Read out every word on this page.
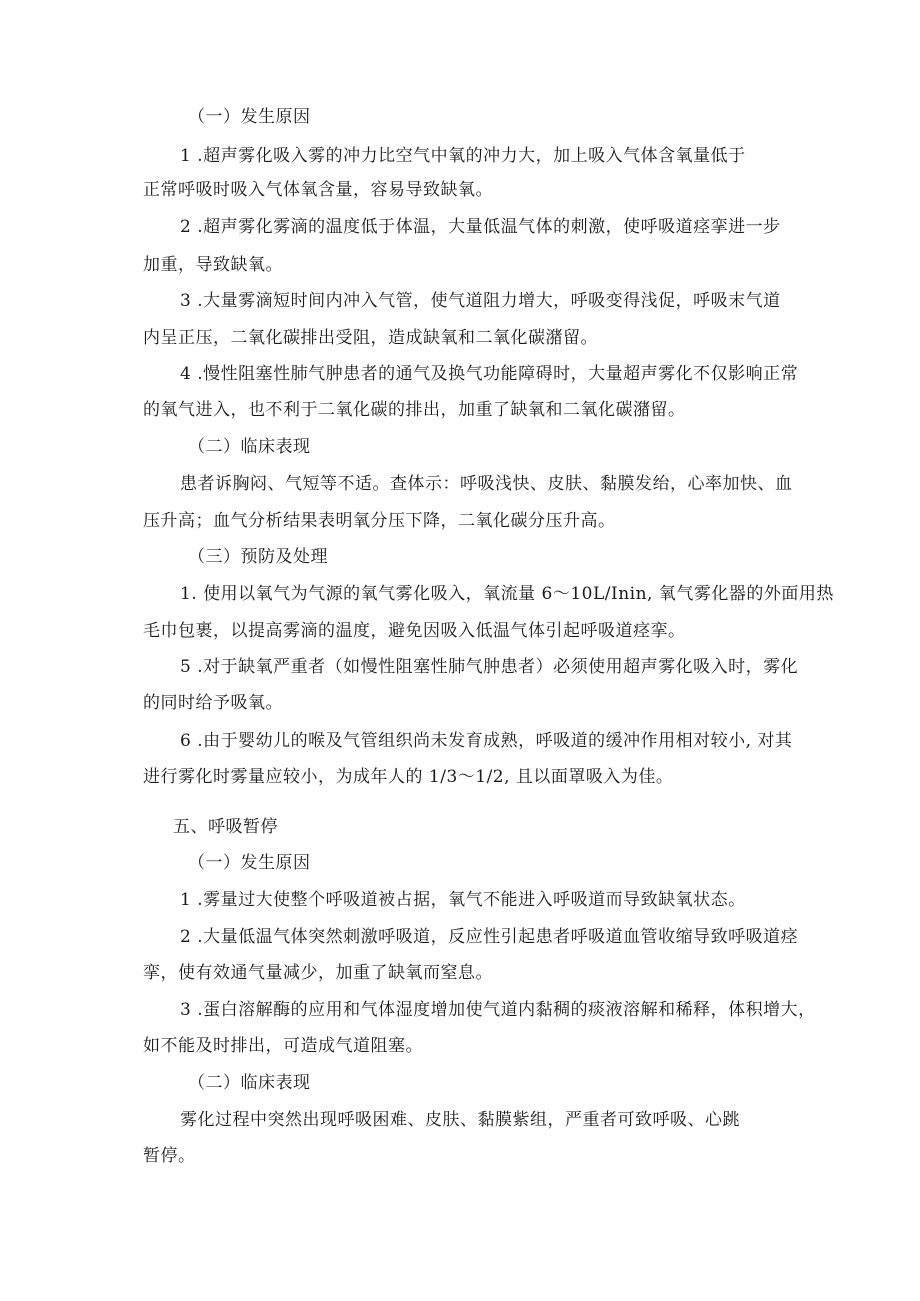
（一）发生原因
1 .超声雾化吸入雾的冲力比空气中氧的冲力大，加上吸入气体含氧量低于
正常呼吸时吸入气体氧含量，容易导致缺氧。
2 .超声雾化雾滴的温度低于体温，大量低温气体的刺激，使呼吸道痉挛进一步
加重，导致缺氧。
3 .大量雾滴短时间内冲入气管，使气道阻力增大，呼吸变得浅促，呼吸末气道
内呈正压，二氧化碳排出受阻，造成缺氧和二氧化碳潴留。
4 .慢性阻塞性肺气肿患者的通气及换气功能障碍时，大量超声雾化不仅影响正常
的氧气进入，也不利于二氧化碳的排出，加重了缺氧和二氧化碳潴留。
（二）临床表现
患者诉胸闷、气短等不适。查体示：呼吸浅快、皮肤、黏膜发绐，心率加快、血
压升高；血气分析结果表明氧分压下降，二氧化碳分压升高。
（三）预防及处理
1. 使用以氧气为气源的氧气雾化吸入，氧流量 6～10L/Inin, 氧气雾化器的外面用热
毛巾包裹，以提高雾滴的温度，避免因吸入低温气体引起呼吸道痉挛。
5 .对于缺氧严重者（如慢性阻塞性肺气肿患者）必须使用超声雾化吸入时，雾化
的同时给予吸氧。
6 .由于婴幼儿的喉及气管组织尚未发育成熟，呼吸道的缓冲作用相对较小, 对其
进行雾化时雾量应较小，为成年人的 1/3～1/2, 且以面罩吸入为佳。
五、呼吸暂停
（一）发生原因
1 .雾量过大使整个呼吸道被占据，氧气不能进入呼吸道而导致缺氧状态。
2 .大量低温气体突然刺激呼吸道，反应性引起患者呼吸道血管收缩导致呼吸道痉
挛，使有效通气量减少，加重了缺氧而窒息。
3 .蛋白溶解酶的应用和气体湿度增加使气道内黏稠的痰液溶解和稀释，体积增大，
如不能及时排出，可造成气道阻塞。
（二）临床表现
雾化过程中突然出现呼吸困难、皮肤、黏膜紫组，严重者可致呼吸、心跳
暂停。
